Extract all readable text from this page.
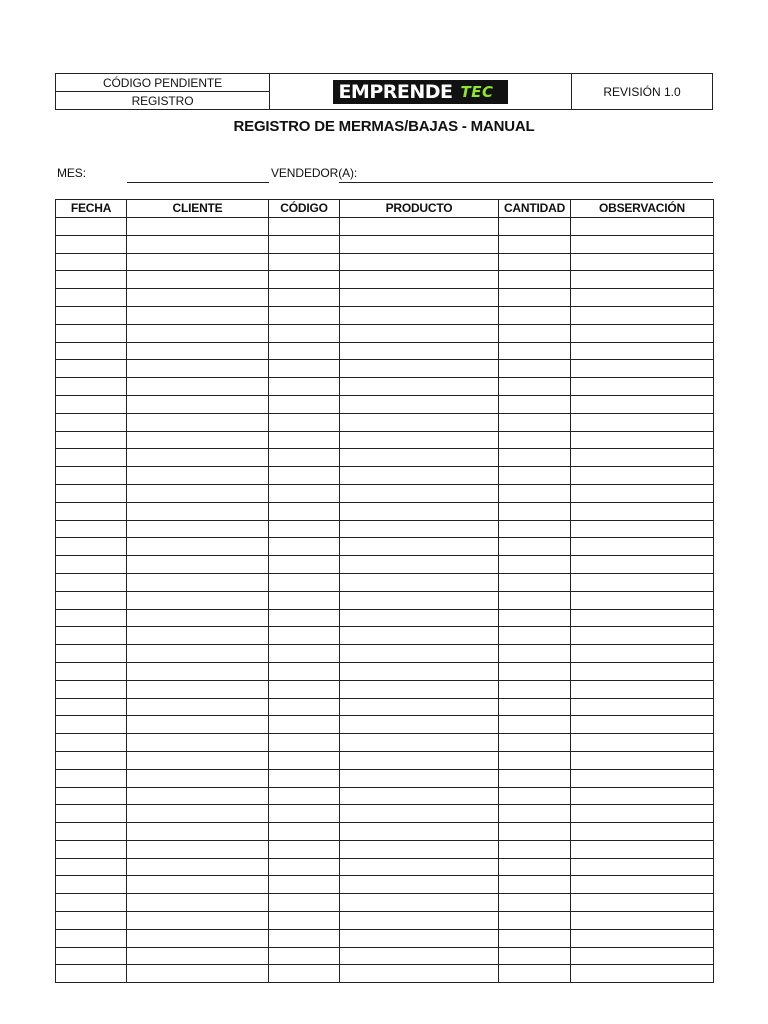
CÓDIGO PENDIENTE
REGISTRO	EMPRENDE TEC	REVISIÓN 1.0
REGISTRO DE MERMAS/BAJAS - MANUAL
MES:	VENDEDOR(A):
FECHA	CLIENTE	CÓDIGO	PRODUCTO	CANTIDAD	OBSERVACIÓN
